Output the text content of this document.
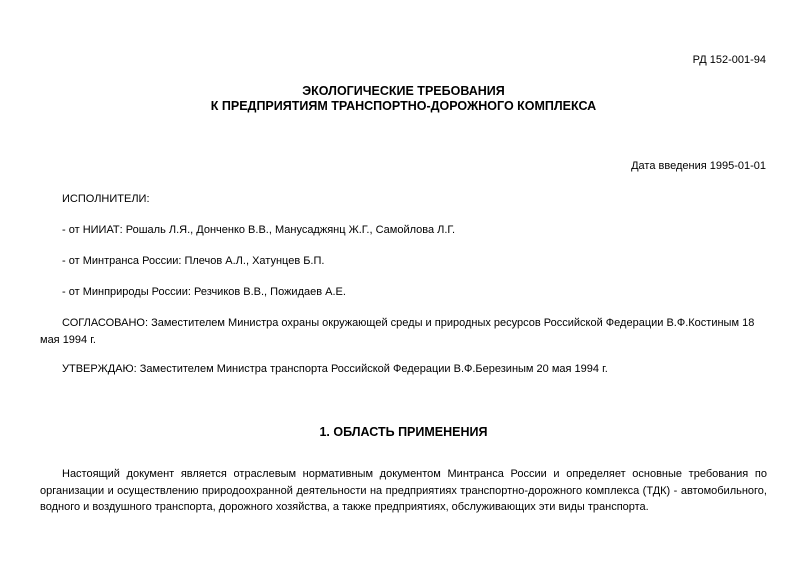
РД 152-001-94
ЭКОЛОГИЧЕСКИЕ ТРЕБОВАНИЯ
К ПРЕДПРИЯТИЯМ ТРАНСПОРТНО-ДОРОЖНОГО КОМПЛЕКСА
Дата введения 1995-01-01
ИСПОЛНИТЕЛИ:
- от НИИАТ: Рошаль Л.Я., Донченко В.В., Манусаджянц Ж.Г., Самойлова Л.Г.
- от Минтранса России: Плечов А.Л., Хатунцев Б.П.
- от Минприроды России: Резчиков В.В., Пожидаев А.Е.
СОГЛАСОВАНО: Заместителем Министра охраны окружающей среды и природных ресурсов Российской Федерации В.Ф.Костиным 18 мая 1994 г.
УТВЕРЖДАЮ: Заместителем Министра транспорта Российской Федерации В.Ф.Березиным 20 мая 1994 г.
1. ОБЛАСТЬ ПРИМЕНЕНИЯ
Настоящий документ является отраслевым нормативным документом Минтранса России и определяет основные требования по организации и осуществлению природоохранной деятельности на предприятиях транспортно-дорожного комплекса (ТДК) - автомобильного, водного и воздушного транспорта, дорожного хозяйства, а также предприятиях, обслуживающих эти виды транспорта.
